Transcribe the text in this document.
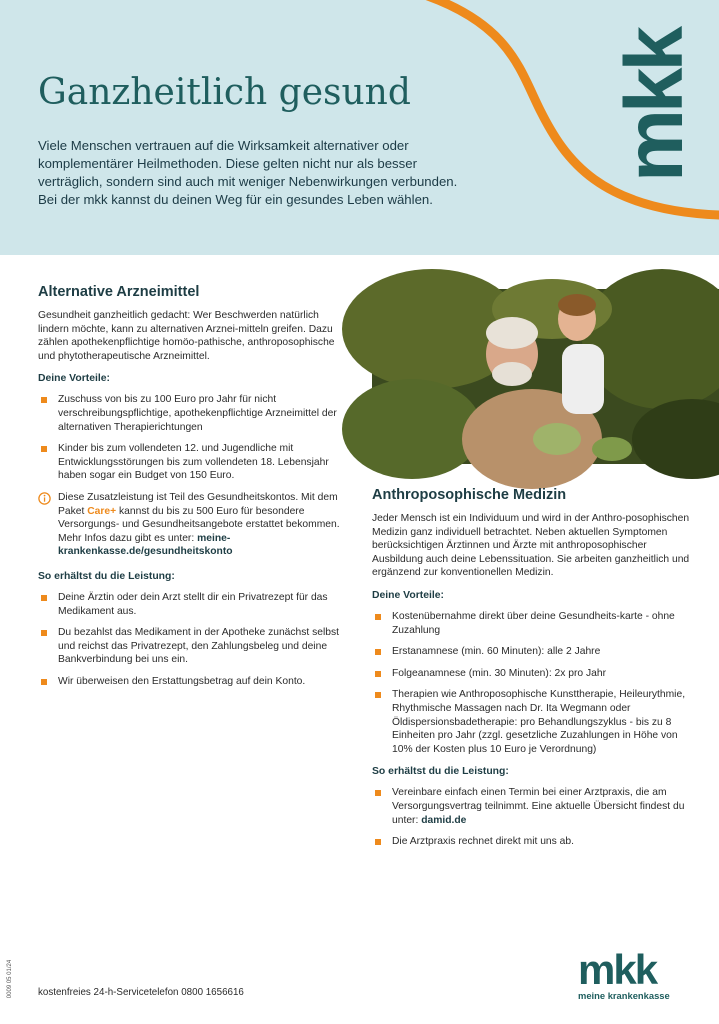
Ganzheitlich gesund

Viele Menschen vertrauen auf die Wirksamkeit alternativer oder komplementärer Heilmethoden. Diese gelten nicht nur als besser verträglich, sondern sind auch mit weniger Nebenwirkungen verbunden. Bei der mkk kannst du deinen Weg für ein gesundes Leben wählen.

mkk
Alternative Arzneimittel

Gesundheit ganzheitlich gedacht: Wer Beschwerden natürlich lindern möchte, kann zu alternativen Arznei-mitteln greifen. Dazu zählen apothekenpflichtige homöo-pathische, anthroposophische und phytotherapeutische Arzneimittel.

Deine Vorteile:
Zuschuss von bis zu 100 Euro pro Jahr für nicht verschreibungspflichtige, apothekenpflichtige Arzneimittel der alternativen Therapierichtungen
Kinder bis zum vollendeten 12. und Jugendliche mit Entwicklungsstörungen bis zum vollendeten 18. Lebensjahr haben sogar ein Budget von 150 Euro.
Diese Zusatzleistung ist Teil des Gesundheitskontos. Mit dem Paket Care+ kannst du bis zu 500 Euro für besondere Versorgungs- und Gesundheitsangebote erstattet bekommen. Mehr Infos dazu gibt es unter: meine-krankenkasse.de/gesundheitskonto
So erhältst du die Leistung:
Deine Ärztin oder dein Arzt stellt dir ein Privatrezept für das Medikament aus.
Du bezahlst das Medikament in der Apotheke zunächst selbst und reichst das Privatrezept, den Zahlungsbeleg und deine Bankverbindung bei uns ein.
Wir überweisen den Erstattungsbetrag auf dein Konto.
Anthroposophische Medizin

Jeder Mensch ist ein Individuum und wird in der Anthro-posophischen Medizin ganz individuell betrachtet. Neben aktuellen Symptomen berücksichtigen Ärztinnen und Ärzte mit anthroposophischer Ausbildung auch deine Lebenssituation. Sie arbeiten ganzheitlich und ergänzend zur konventionellen Medizin.

Deine Vorteile:
Kostenübernahme direkt über deine Gesundheits-karte - ohne Zuzahlung
Erstanamnese (min. 60 Minuten): alle 2 Jahre
Folgeanamnese (min. 30 Minuten): 2x pro Jahr
Therapien wie Anthroposophische Kunsttherapie, Heileurythmie, Rhythmische Massagen nach Dr. Ita Wegmann oder Öldispersionsbadetherapie: pro Behandlungszyklus - bis zu 8 Einheiten pro Jahr (zzgl. gesetzliche Zuzahlungen in Höhe von 10% der Kosten plus 10 Euro je Verordnung)
So erhältst du die Leistung:
Vereinbare einfach einen Termin bei einer Arztpraxis, die am Versorgungsvertrag teilnimmt. Eine aktuelle Übersicht findest du unter: damid.de
Die Arztpraxis rechnet direkt mit uns ab.
0009 05 01/24	kostenfreies 24-h-Servicetelefon 0800 1656616	mkk
meine krankenkasse
